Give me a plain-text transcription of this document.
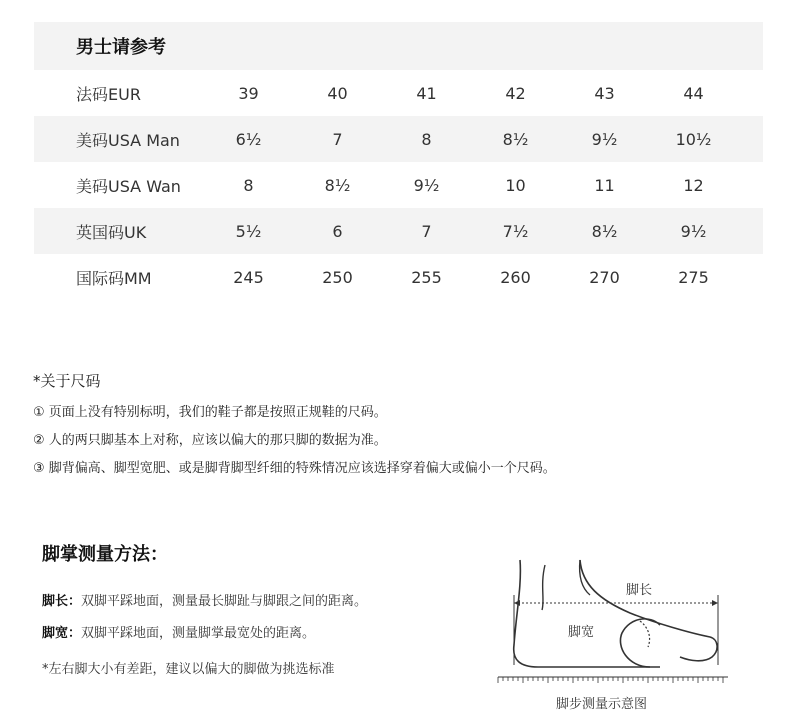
男士请参考
法码EUR	39	40	41	42	43	44
美码USA Man	6½	7	8	8½	9½	10½
美码USA Wan	8	8½	9½	10	11	12
英国码UK	5½	6	7	7½	8½	9½
国际码MM	245	250	255	260	270	275
*关于尺码
① 页面上没有特别标明，我们的鞋子都是按照正规鞋的尺码。
② 人的两只脚基本上对称，应该以偏大的那只脚的数据为准。
③ 脚背偏高、脚型宽肥、或是脚背脚型纤细的特殊情况应该选择穿着偏大或偏小一个尺码。
脚掌测量方法：
脚长：双脚平踩地面，测量最长脚趾与脚跟之间的距离。
脚宽：双脚平踩地面，测量脚掌最宽处的距离。
*左右脚大小有差距，建议以偏大的脚做为挑选标准
脚长
脚宽
脚步测量示意图
